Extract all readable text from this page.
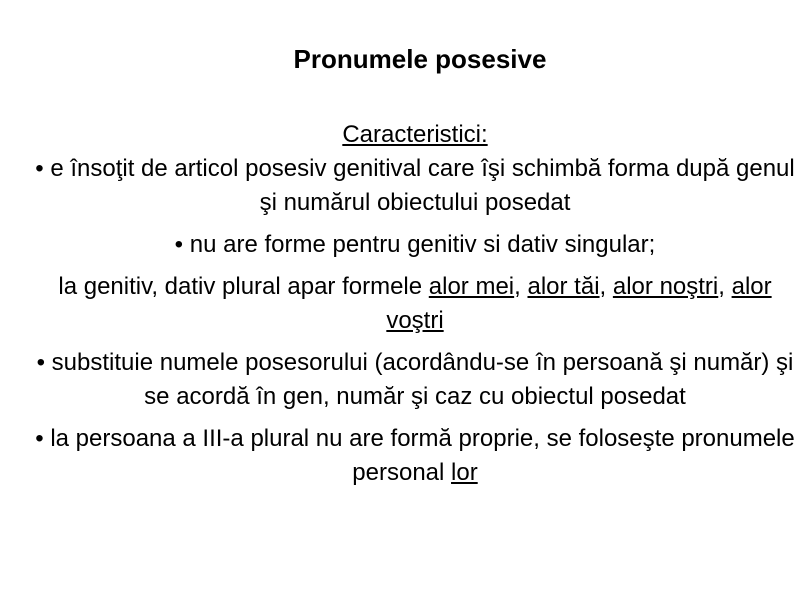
Pronumele posesive

Caracteristici:

• e însoţit de articol posesiv genitival care îşi schimbă forma după genul şi numărul obiectului posedat

• nu are forme pentru genitiv si dativ singular;

la genitiv, dativ plural apar formele alor mei, alor tăi, alor noştri, alor voştri

• substituie numele posesorului (acordându-se în persoană şi număr) şi se acordă în gen, număr şi caz cu obiectul posedat

• la persoana a III-a plural nu are formă proprie, se foloseşte pronumele personal lor
